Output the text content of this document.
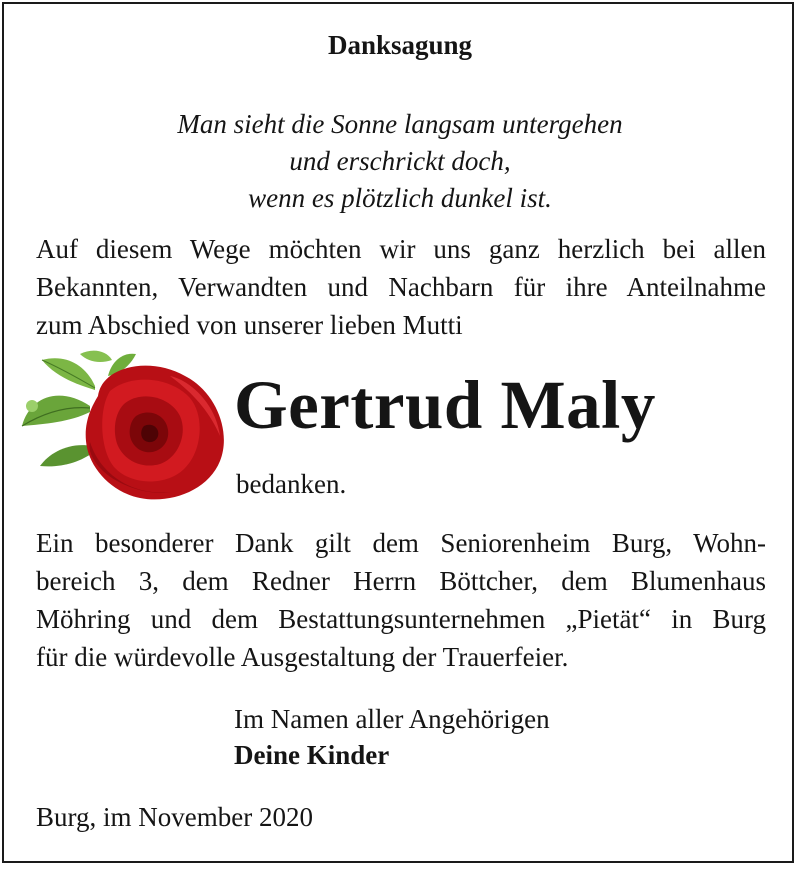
Danksagung
Man sieht die Sonne langsam untergehen
und erschrickt doch,
wenn es plötzlich dunkel ist.
Auf diesem Wege möchten wir uns ganz herzlich bei allen
Bekannten, Verwandten und Nachbarn für ihre Anteilnahme
zum Abschied von unserer lieben Mutti
Gertrud Maly
bedanken.
Ein besonderer Dank gilt dem Seniorenheim Burg, Wohn-
bereich 3, dem Redner Herrn Böttcher, dem Blumenhaus
Möhring und dem Bestattungsunternehmen „Pietät“ in Burg
für die würdevolle Ausgestaltung der Trauerfeier.
Im Namen aller Angehörigen
Deine Kinder
Burg, im November 2020
